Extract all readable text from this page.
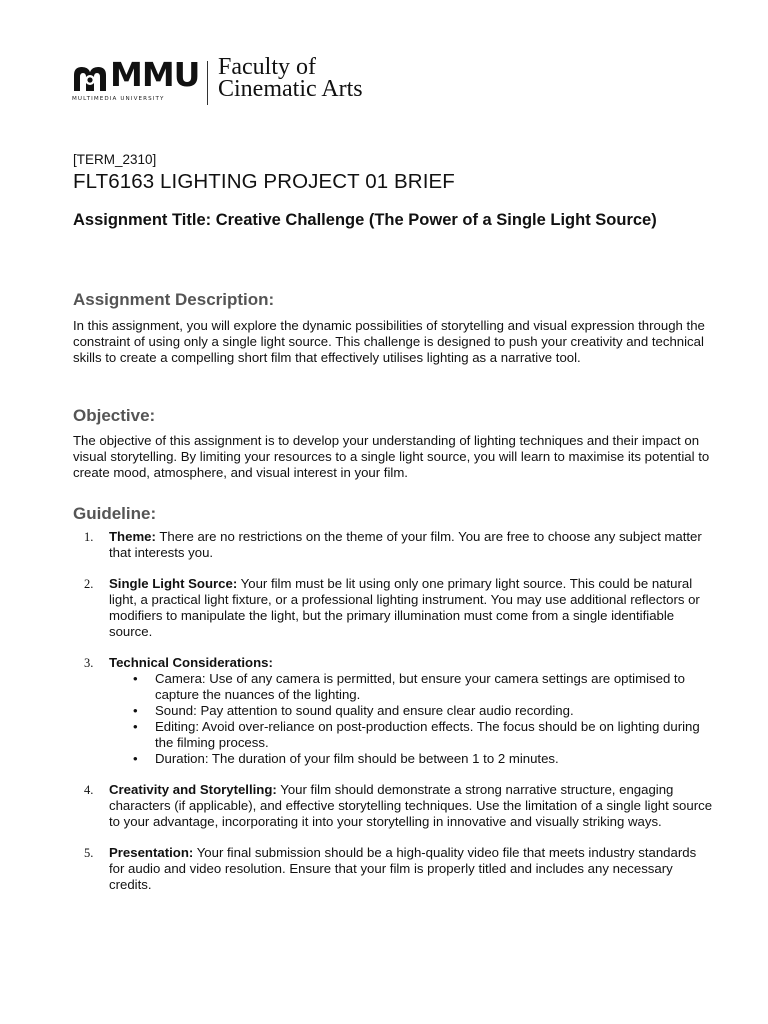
MMU
MULTIMEDIA UNIVERSITY
Faculty of
Cinematic Arts
[TERM_2310]
FLT6163 LIGHTING PROJECT 01 BRIEF
Assignment Title: Creative Challenge (The Power of a Single Light Source)
Assignment Description:
In this assignment, you will explore the dynamic possibilities of storytelling and visual expression through the constraint of using only a single light source. This challenge is designed to push your creativity and technical skills to create a compelling short film that effectively utilises lighting as a narrative tool.
Objective:
The objective of this assignment is to develop your understanding of lighting techniques and their impact on visual storytelling. By limiting your resources to a single light source, you will learn to maximise its potential to create mood, atmosphere, and visual interest in your film.
Guideline:
1. Theme: There are no restrictions on the theme of your film. You are free to choose any subject matter that interests you.
2. Single Light Source: Your film must be lit using only one primary light source. This could be natural light, a practical light fixture, or a professional lighting instrument. You may use additional reflectors or modifiers to manipulate the light, but the primary illumination must come from a single identifiable source.
3. Technical Considerations:
• Camera: Use of any camera is permitted, but ensure your camera settings are optimised to capture the nuances of the lighting.
• Sound: Pay attention to sound quality and ensure clear audio recording.
• Editing: Avoid over-reliance on post-production effects. The focus should be on lighting during the filming process.
• Duration: The duration of your film should be between 1 to 2 minutes.
4. Creativity and Storytelling: Your film should demonstrate a strong narrative structure, engaging characters (if applicable), and effective storytelling techniques. Use the limitation of a single light source to your advantage, incorporating it into your storytelling in innovative and visually striking ways.
5. Presentation: Your final submission should be a high-quality video file that meets industry standards for audio and video resolution. Ensure that your film is properly titled and includes any necessary credits.
